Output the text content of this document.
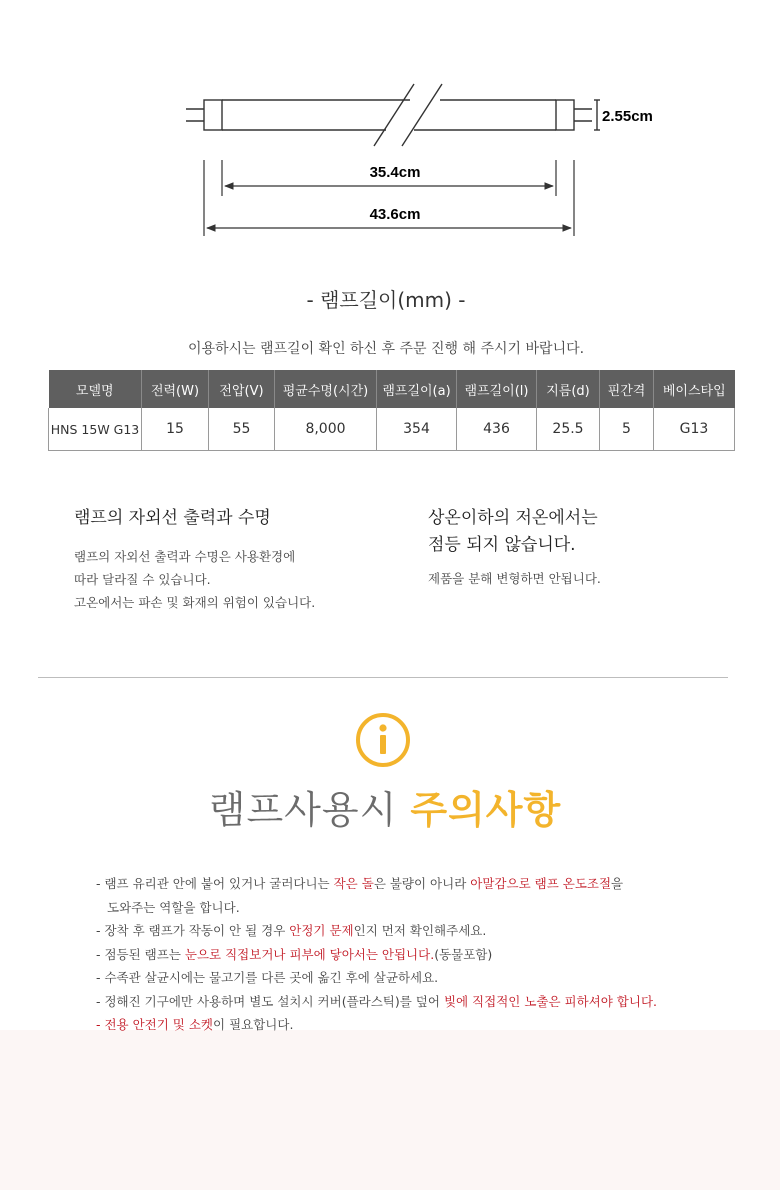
2.55cm
35.4cm
43.6cm
- 램프길이(mm) -
이용하시는 램프길이 확인 하신 후 주문 진행 해 주시기 바랍니다.
모델명	전력(W)	전압(V)	평균수명(시간)	램프길이(a)	램프길이(l)	지름(d)	핀간격	베이스타입
HNS 15W G13	15	55	8,000	354	436	25.5	5	G13
램프의 자외선 출력과 수명
램프의 자외선 출력과 수명은 사용환경에
따라 달라질 수 있습니다.
고온에서는 파손 및 화재의 위험이 있습니다.
상온이하의 저온에서는
점등 되지 않습니다.
제품을 분해 변형하면 안됩니다.
램프사용시 주의사항
- 램프 유리관 안에 붙어 있거나 굴러다니는 작은 돌은 불량이 아니라 아말감으로 램프 온도조절을
도와주는 역할을 합니다.
- 장착 후 램프가 작동이 안 될 경우 안정기 문제인지 먼저 확인해주세요.
- 점등된 램프는 눈으로 직접보거나 피부에 닿아서는 안됩니다.(동물포함)
- 수족관 살균시에는 물고기를 다른 곳에 옮긴 후에 살균하세요.
- 정해진 기구에만 사용하며 별도 설치시 커버(플라스틱)를 덮어 빛에 직접적인 노출은 피하셔야 합니다.
- 전용 안전기 및 소켓이 필요합니다.
